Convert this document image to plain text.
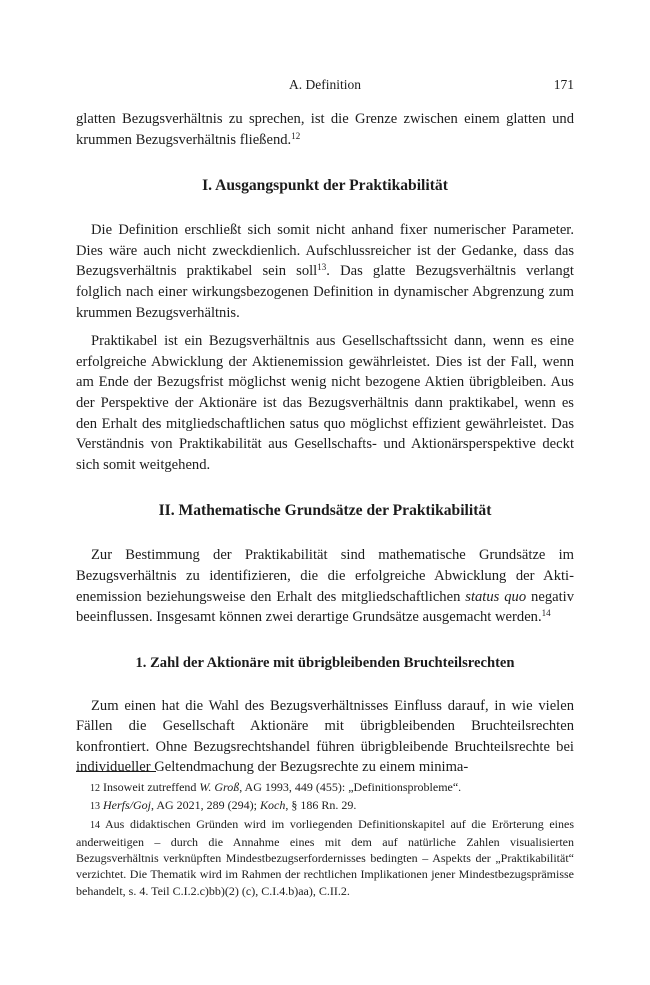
A. Definition	171

glatten Bezugsverhältnis zu sprechen, ist die Grenze zwischen einem glatten und krummen Bezugsverhältnis fließend.$^{12}$

I. Ausgangspunkt der Praktikabilität

Die Definition erschließt sich somit nicht anhand fixer numerischer Parameter. Dies wäre auch nicht zweckdienlich. Aufschlussreicher ist der Gedanke, dass das Bezugsverhältnis praktikabel sein soll$^{13}$. Das glatte Bezugsverhältnis verlangt folglich nach einer wirkungsbezogenen Definition in dynamischer Abgrenzung zum krummen Bezugsverhältnis.

Praktikabel ist ein Bezugsverhältnis aus Gesellschaftssicht dann, wenn es eine erfolgreiche Abwicklung der Aktienemission gewährleistet. Dies ist der Fall, wenn am Ende der Bezugsfrist möglichst wenig nicht bezogene Aktien übrigbleiben. Aus der Perspektive der Aktionäre ist das Bezugsverhältnis dann praktikabel, wenn es den Erhalt des mitgliedschaftlichen satus quo möglichst effizient gewährleistet. Das Verständnis von Praktikabilität aus Gesellschafts- und Aktionärsperspektive deckt sich somit weitgehend.

II. Mathematische Grundsätze der Praktikabilität

Zur Bestimmung der Praktikabilität sind mathematische Grundsätze im Bezugsverhältnis zu identifizieren, die die erfolgreiche Abwicklung der Aktienemission beziehungsweise den Erhalt des mitgliedschaftlichen status quo negativ beeinflussen. Insgesamt können zwei derartige Grundsätze ausgemacht werden.$^{14}$

1. Zahl der Aktionäre mit übrigbleibenden Bruchteilsrechten

Zum einen hat die Wahl des Bezugsverhältnisses Einfluss darauf, in wie vielen Fällen die Gesellschaft Aktionäre mit übrigbleibenden Bruchteilsrechten konfrontiert. Ohne Bezugsrechtshandel führen übrigbleibende Bruchteilsrechte bei individueller Geltendmachung der Bezugsrechte zu einem minima-

12 Insoweit zutreffend W. Groß, AG 1993, 449 (455): „Definitionsprobleme“.

13 Herfs/Goj, AG 2021, 289 (294); Koch, § 186 Rn. 29.

14 Aus didaktischen Gründen wird im vorliegenden Definitionskapitel auf die Erörterung eines anderweitigen – durch die Annahme eines mit dem auf natürliche Zahlen visualisierten Bezugsverhältnis verknüpften Mindestbezugserfordernisses bedingten – Aspekts der „Praktikabilität“ verzichtet. Die Thematik wird im Rahmen der rechtlichen Implikationen jener Mindestbezugsprämisse behandelt, s. 4. Teil C.I.2.c)bb)(2) (c), C.I.4.b)aa), C.II.2.
